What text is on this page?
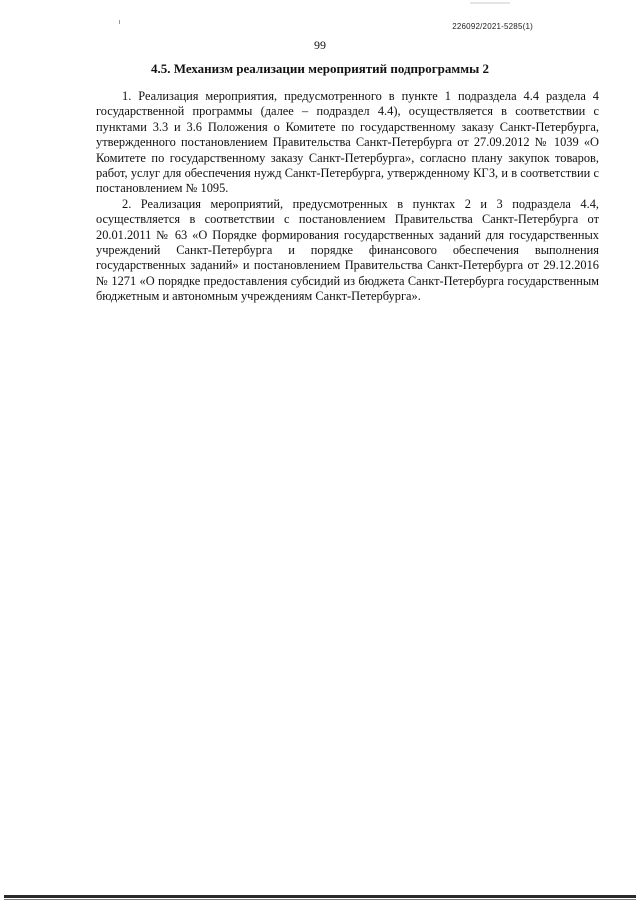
226092/2021-5285(1)
99
4.5. Механизм реализации мероприятий подпрограммы 2

1. Реализация мероприятия, предусмотренного в пункте 1 подраздела 4.4 раздела 4 государственной программы (далее – подраздел 4.4), осуществляется в соответствии с пунктами 3.3 и 3.6 Положения о Комитете по государственному заказу Санкт-Петербурга, утвержденного постановлением Правительства Санкт-Петербурга от 27.09.2012 № 1039 «О Комитете по государственному заказу Санкт-Петербурга», согласно плану закупок товаров, работ, услуг для обеспечения нужд Санкт-Петербурга, утвержденному КГЗ, и в соответствии с постановлением № 1095.

2. Реализация мероприятий, предусмотренных в пунктах 2 и 3 подраздела 4.4, осуществляется в соответствии с постановлением Правительства Санкт-Петербурга от 20.01.2011 № 63 «О Порядке формирования государственных заданий для государственных учреждений Санкт-Петербурга и порядке финансового обеспечения выполнения государственных заданий» и постановлением Правительства Санкт-Петербурга от 29.12.2016 № 1271 «О порядке предоставления субсидий из бюджета Санкт-Петербурга государственным бюджетным и автономным учреждениям Санкт-Петербурга».
